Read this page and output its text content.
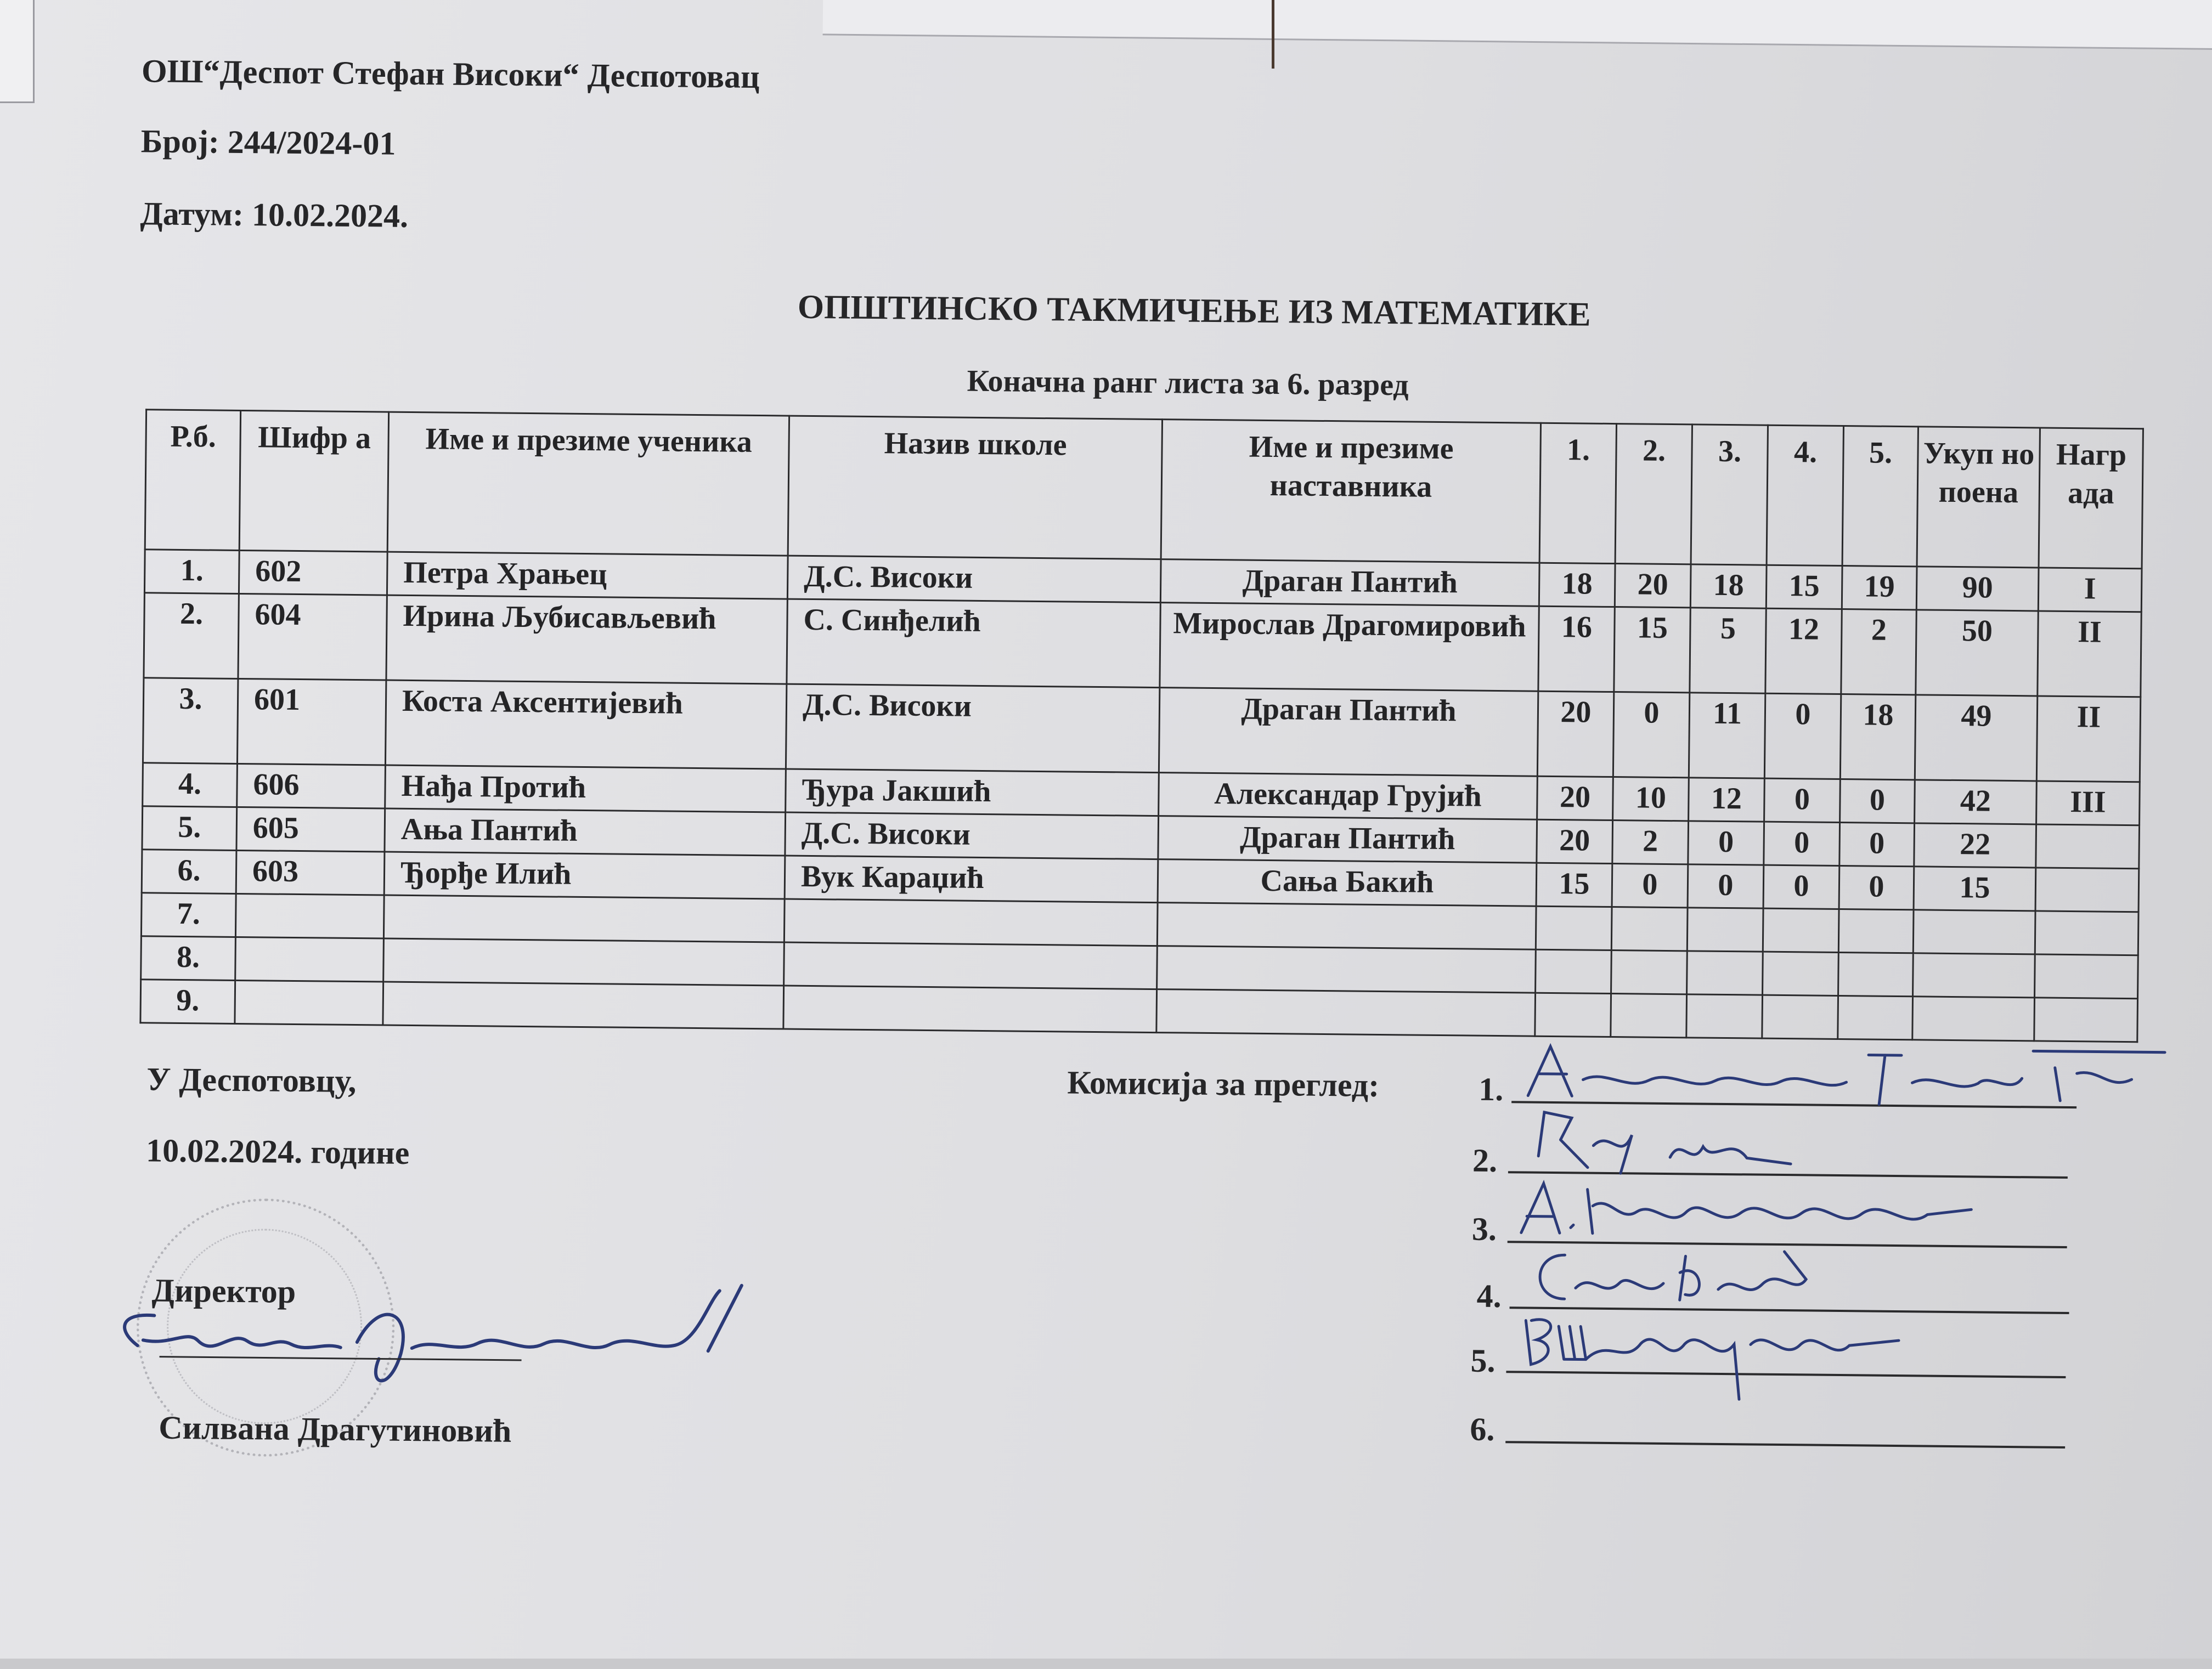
ОШ“Деспот Стефан Високи“ Деспотовац
Број: 244/2024-01
Датум: 10.02.2024.
ОПШТИНСКО ТАКМИЧЕЊЕ ИЗ МАТЕМАТИКЕ
Коначна ранг листа за 6. разред
Р.б.	Шифр а	Име и презиме ученика	Назив школе	Име и презиме наставника	1.	2.	3.	4.	5.	Укуп но поена	Нагр ада
1.	602	Петра Храњец	Д.С. Високи	Драган Пантић	18	20	18	15	19	90	I
2.	604	Ирина Љубисављевић	С. Синђелић	Мирослав Драгомировић	16	15	5	12	2	50	II
3.	601	Коста Аксентијевић	Д.С. Високи	Драган Пантић	20	0	11	0	18	49	II
4.	606	Нађа Протић	Ђура Јакшић	Александар Грујић	20	10	12	0	0	42	III
5.	605	Ања Пантић	Д.С. Високи	Драган Пантић	20	2	0	0	0	22	
6.	603	Ђорђе Илић	Вук Караџић	Сања Бакић	15	0	0	0	0	15	
7.											
8.											
9.											
У Деспотовцу,
10.02.2024. године
Директор
Силвана Драгутиновић
Комисија за преглед:	1.
2.
3.
4.
5.
6.
